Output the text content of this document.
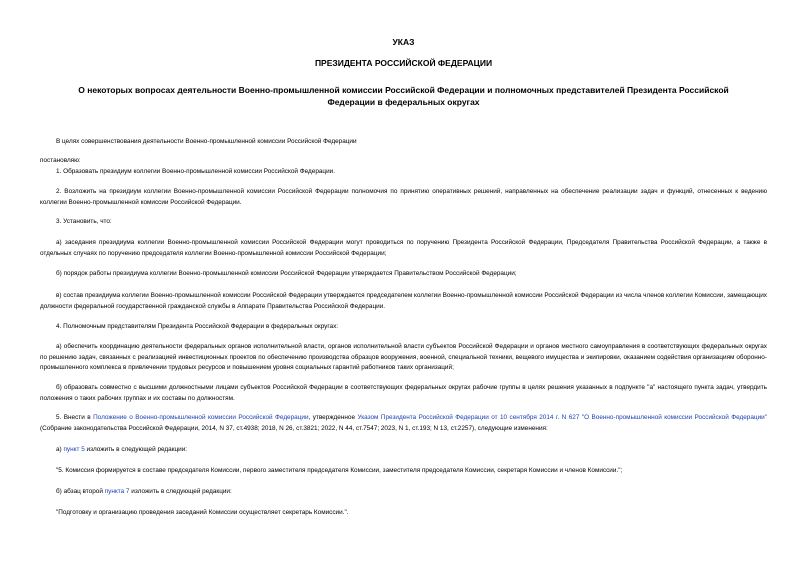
УКАЗ
ПРЕЗИДЕНТА РОССИЙСКОЙ ФЕДЕРАЦИИ
О некоторых вопросах деятельности Военно-промышленной комиссии Российской Федерации и полномочных представителей Президента Российской Федерации в федеральных округах

В целях совершенствования деятельности Военно-промышленной комиссии Российской Федерации

постановляю:

1. Образовать президиум коллегии Военно-промышленной комиссии Российской Федерации.

2. Возложить на президиум коллегии Военно-промышленной комиссии Российской Федерации полномочия по принятию оперативных решений, направленных на обеспечение реализации задач и функций, отнесенных к ведению коллегии Военно-промышленной комиссии Российской Федерации.

3. Установить, что:

а) заседания президиума коллегии Военно-промышленной комиссии Российской Федерации могут проводиться по поручению Президента Российской Федерации, Председателя Правительства Российской Федерации, а также в отдельных случаях по поручению председателя коллегии Военно-промышленной комиссии Российской Федерации;

б) порядок работы президиума коллегии Военно-промышленной комиссии Российской Федерации утверждается Правительством Российской Федерации;

в) состав президиума коллегии Военно-промышленной комиссии Российской Федерации утверждается председателем коллегии Военно-промышленной комиссии Российской Федерации из числа членов коллегии Комиссии, замещающих должности федеральной государственной гражданской службы в Аппарате Правительства Российской Федерации.

4. Полномочным представителям Президента Российской Федерации в федеральных округах:

а) обеспечить координацию деятельности федеральных органов исполнительной власти, органов исполнительной власти субъектов Российской Федерации и органов местного самоуправления в соответствующих федеральных округах по решению задач, связанных с реализацией инвестиционных проектов по обеспечению производства образцов вооружения, военной, специальной техники, вещевого имущества и экипировки, оказанием содействия организациям оборонно-промышленного комплекса в привлечении трудовых ресурсов и повышением уровня социальных гарантий работников таких организаций;

б) образовать совместно с высшими должностными лицами субъектов Российской Федерации в соответствующих федеральных округах рабочие группы в целях решения указанных в подпункте "а" настоящего пункта задач, утвердить положения о таких рабочих группах и их составы по должностям.

5. Внести в Положение о Военно-промышленной комиссии Российской Федерации, утвержденное Указом Президента Российской Федерации от 10 сентября 2014 г. N 627 "О Военно-промышленной комиссии Российской Федерации" (Собрание законодательства Российской Федерации, 2014, N 37, ст.4938; 2018, N 26, ст.3821; 2022, N 44, ст.7547; 2023, N 1, ст.193; N 13, ст.2257), следующие изменения:

а) пункт 5 изложить в следующей редакции:

"5. Комиссия формируется в составе председателя Комиссии, первого заместителя председателя Комиссии, заместителя председателя Комиссии, секретаря Комиссии и членов Комиссии.";

б) абзац второй пункта 7 изложить в следующей редакции:

"Подготовку и организацию проведения заседаний Комиссии осуществляет секретарь Комиссии.".
